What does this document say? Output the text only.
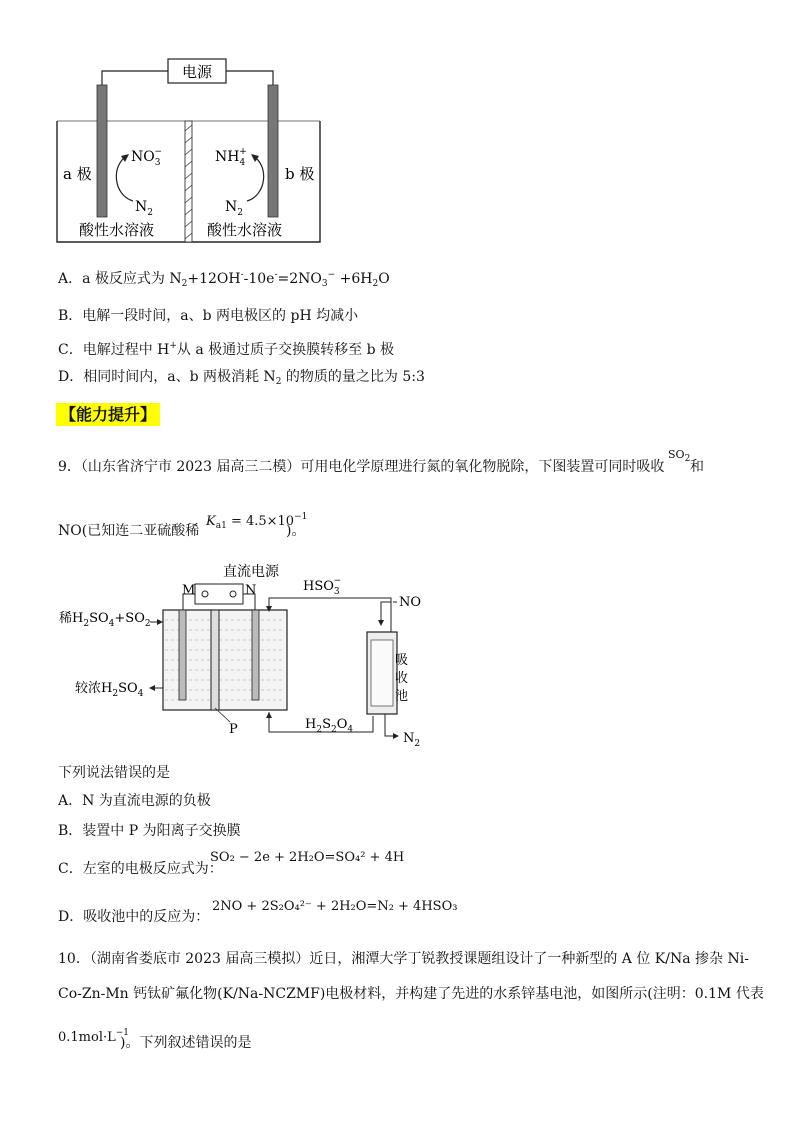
电源
a 极	b 极
$NO_3-$
$N_2$
$NH_4+$
$N_2$
酸性水溶液	酸性水溶液
A．a 极反应式为 $N_2+12OH^--10e^-=2NO_3^- +6H_2O$
B．电解一段时间，a、b 两电极区的 pH 均减小
C．电解过程中 H+从 a 极通过质子交换膜转移至 b 极
D．相同时间内，a、b 两极消耗 $N_2$ 的物质的量之比为 5:3
【能力提升】
9．（山东省济宁市 2023 届高三二模）可用电化学原理进行氮的氧化物脱除，下图装置可同时吸收
$SO_2$ 和
NO(已知连二亚硫酸稀
$K_{a1} = 4.5\times 10^{-1}$
)。
直流电源
M	N
P
稀$H_2SO_4+SO_2$
较浓$H_2SO_4$
$HSO_3-$
NO
吸
收
池
$H_2S_2O_4$
$N_2$
下列说法错误的是
A．N 为直流电源的负极
B．装置中 P 为阳离子交换膜
C．左室的电极反应式为：
SO₂ − 2e + 2H₂O=SO₄² + 4H
D．吸收池中的反应为：
2NO + 2S₂O₄²⁻ + 2H₂O=N₂ + 4HSO₃
10．（湖南省娄底市 2023 届高三模拟）近日，湘潭大学丁锐教授课题组设计了一种新型的 A 位 K/Na 掺杂 Ni-
Co-Zn-Mn 钙钛矿氟化物(K/Na-NCZMF)电极材料，并构建了先进的水系锌基电池，如图所示(注明：0.1M 代表
$0.1mol\cdot L^{-1}$
)。下列叙述错误的是
